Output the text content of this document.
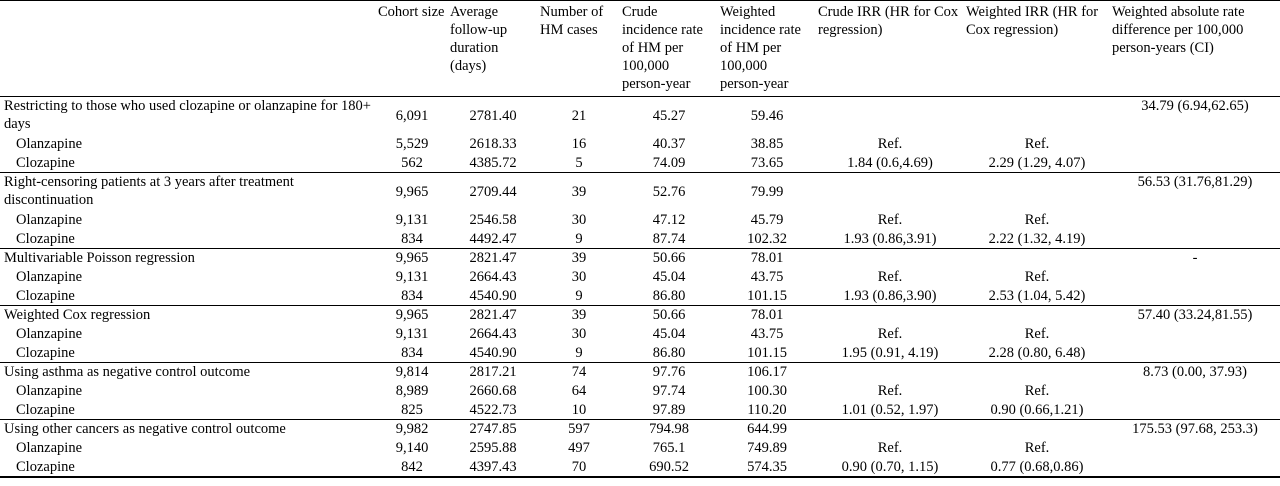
	Cohort size	Average follow-up duration (days)	Number of HM cases	Crude incidence rate of HM per 100,000 person-year	Weighted incidence rate of HM per 100,000 person-year	Crude IRR (HR for Cox regression)	Weighted IRR (HR for Cox regression)	Weighted absolute rate difference per 100,000 person-years (CI)
Restricting to those who used clozapine or olanzapine for 180+ days	6,091	2781.40	21	45.27	59.46			34.79 (6.94,62.65)
Olanzapine	5,529	2618.33	16	40.37	38.85	Ref.	Ref.	
Clozapine	562	4385.72	5	74.09	73.65	1.84 (0.6,4.69)	2.29 (1.29, 4.07)	
Right-censoring patients at 3 years after treatment discontinuation	9,965	2709.44	39	52.76	79.99			56.53 (31.76,81.29)
Olanzapine	9,131	2546.58	30	47.12	45.79	Ref.	Ref.	
Clozapine	834	4492.47	9	87.74	102.32	1.93 (0.86,3.91)	2.22 (1.32, 4.19)	
Multivariable Poisson regression	9,965	2821.47	39	50.66	78.01			-
Olanzapine	9,131	2664.43	30	45.04	43.75	Ref.	Ref.	
Clozapine	834	4540.90	9	86.80	101.15	1.93 (0.86,3.90)	2.53 (1.04, 5.42)	
Weighted Cox regression	9,965	2821.47	39	50.66	78.01			57.40 (33.24,81.55)
Olanzapine	9,131	2664.43	30	45.04	43.75	Ref.	Ref.	
Clozapine	834	4540.90	9	86.80	101.15	1.95 (0.91, 4.19)	2.28 (0.80, 6.48)	
Using asthma as negative control outcome	9,814	2817.21	74	97.76	106.17			8.73 (0.00, 37.93)
Olanzapine	8,989	2660.68	64	97.74	100.30	Ref.	Ref.	
Clozapine	825	4522.73	10	97.89	110.20	1.01 (0.52, 1.97)	0.90 (0.66,1.21)	
Using other cancers as negative control outcome	9,982	2747.85	597	794.98	644.99			175.53 (97.68, 253.3)
Olanzapine	9,140	2595.88	497	765.1	749.89	Ref.	Ref.	
Clozapine	842	4397.43	70	690.52	574.35	0.90 (0.70, 1.15)	0.77 (0.68,0.86)	
